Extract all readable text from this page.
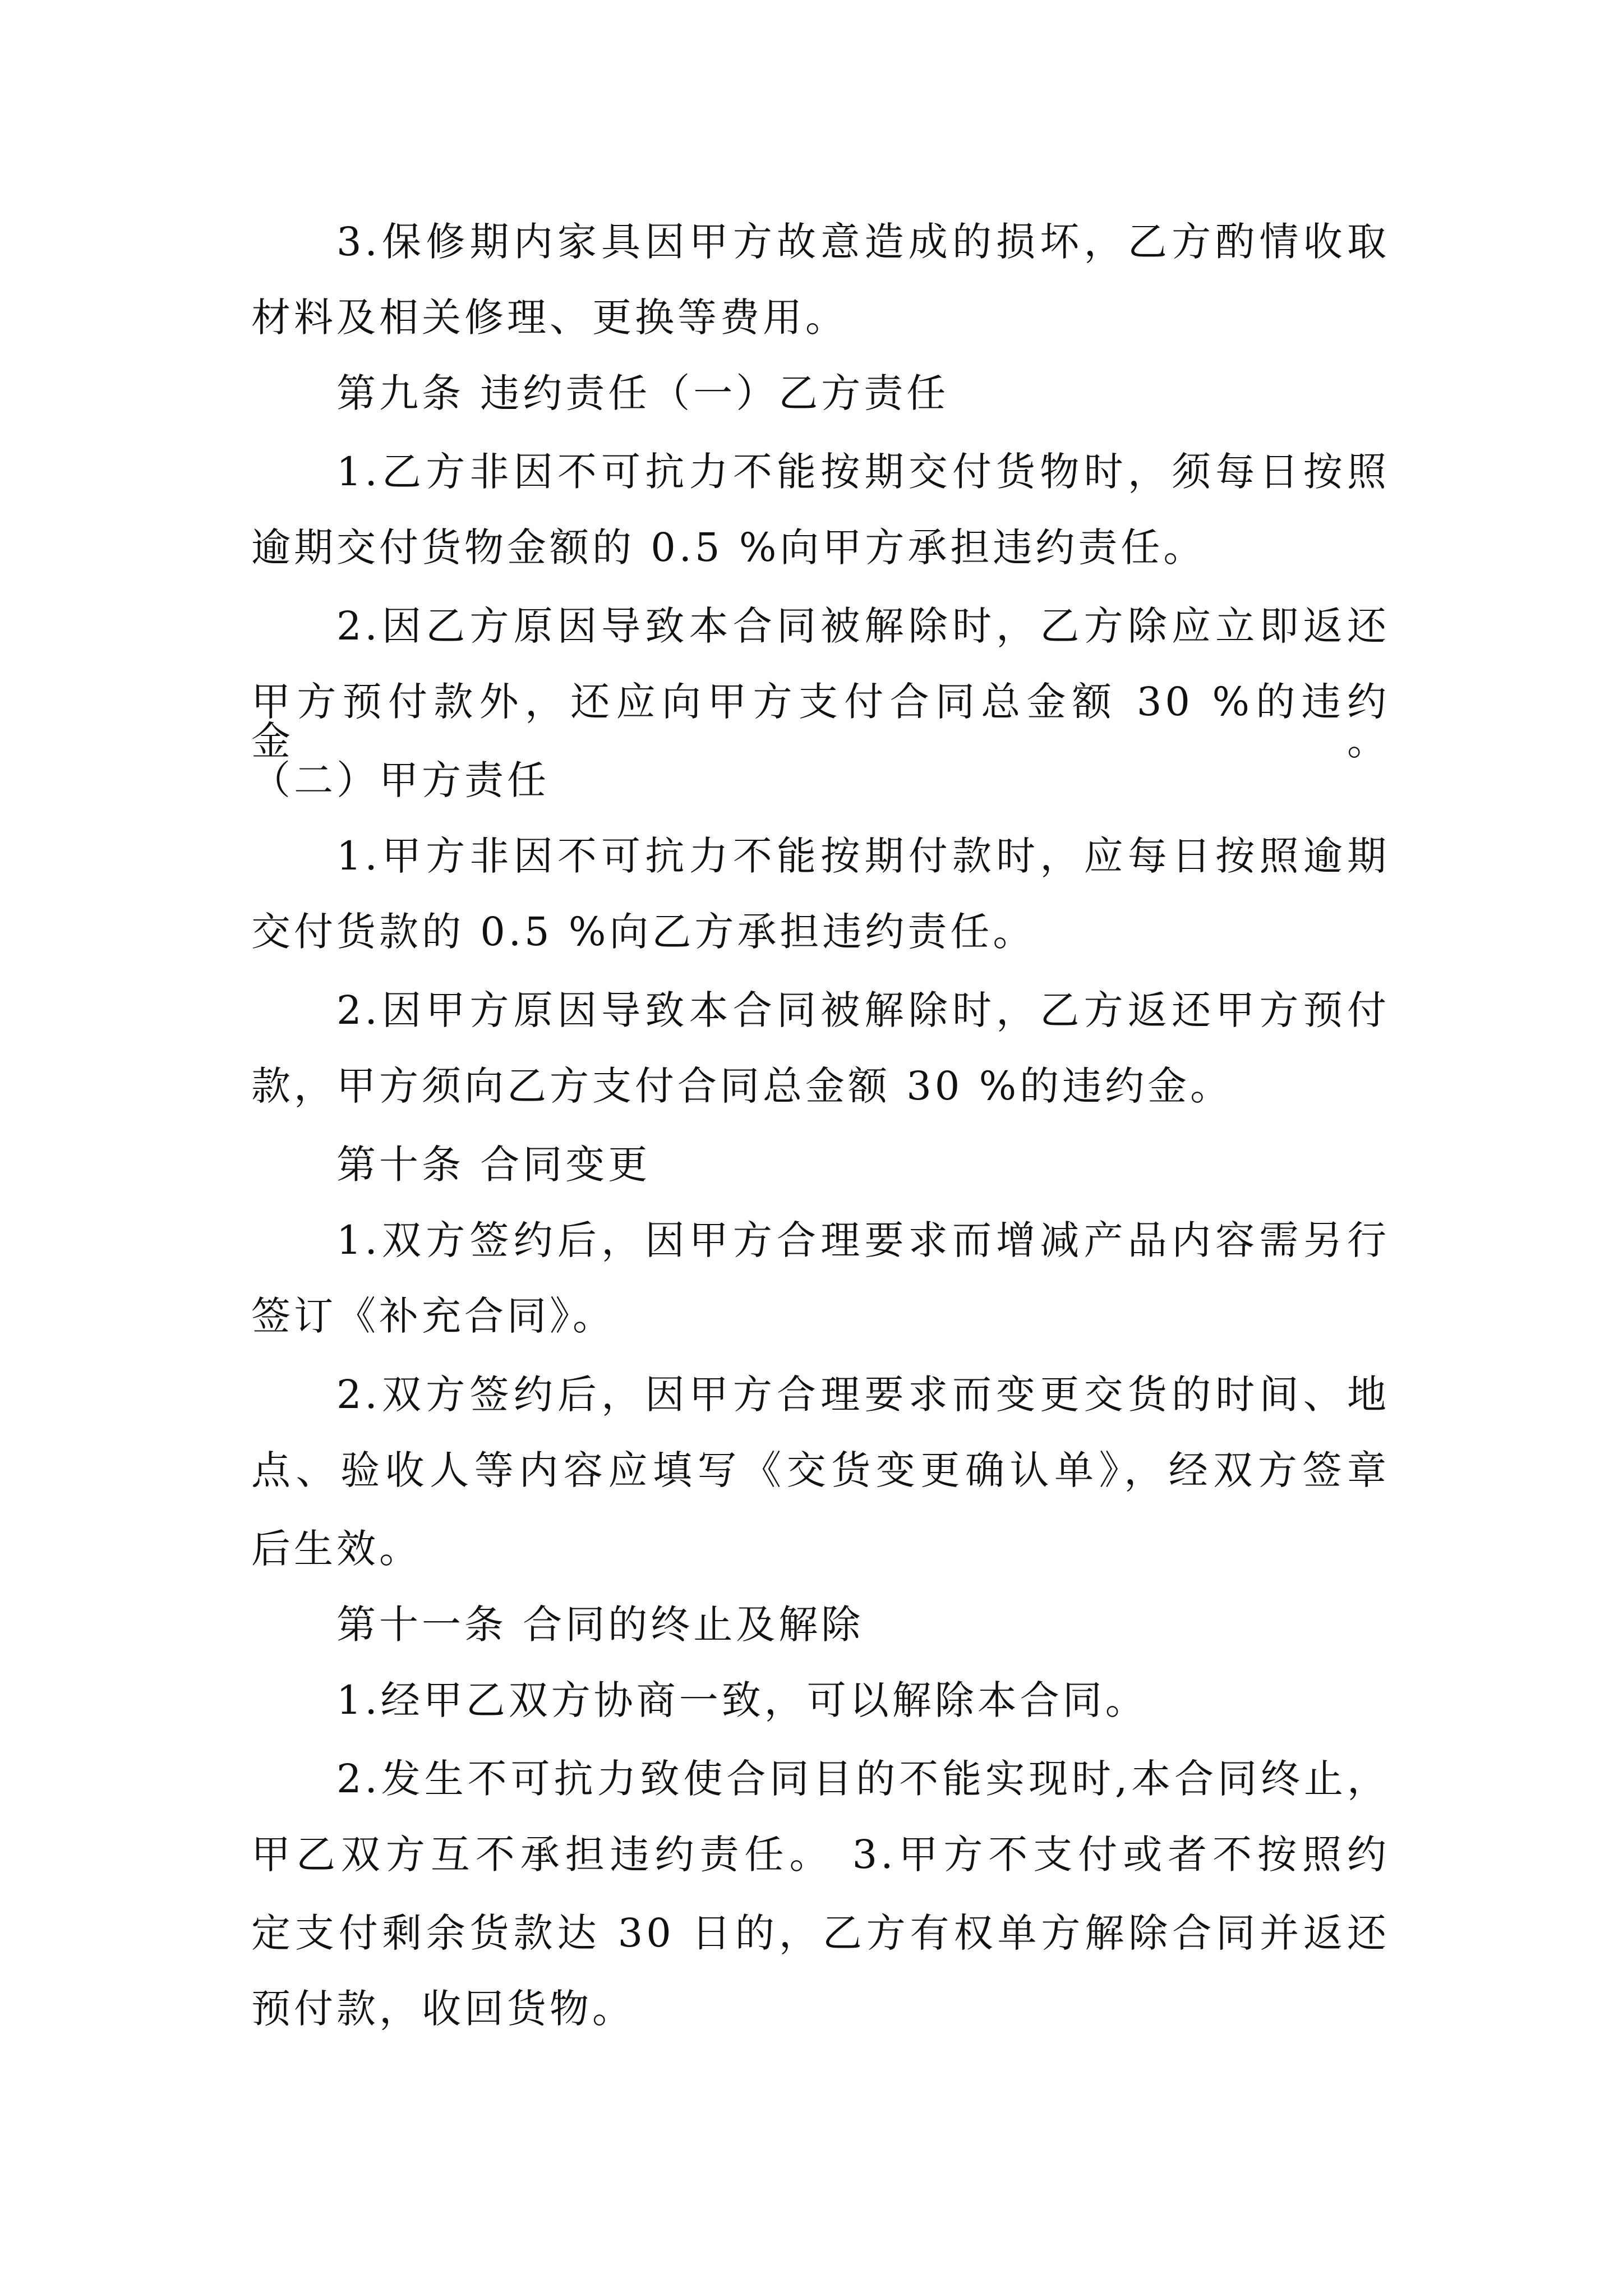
3.保修期内家具因甲方故意造成的损坏，乙方酌情收取
材料及相关修理、更换等费用。
第九条 违约责任（一）乙方责任
1.乙方非因不可抗力不能按期交付货物时，须每日按照
逾期交付货物金额的 0.5 %向甲方承担违约责任。
2.因乙方原因导致本合同被解除时，乙方除应立即返还
甲方预付款外，还应向甲方支付合同总金额 30 %的违约金。
（二）甲方责任
1.甲方非因不可抗力不能按期付款时，应每日按照逾期
交付货款的 0.5 %向乙方承担违约责任。
2.因甲方原因导致本合同被解除时，乙方返还甲方预付
款，甲方须向乙方支付合同总金额 30 %的违约金。
第十条 合同变更
1.双方签约后，因甲方合理要求而增减产品内容需另行
签订《补充合同》。
2.双方签约后，因甲方合理要求而变更交货的时间、地
点、验收人等内容应填写《交货变更确认单》，经双方签章
后生效。
第十一条 合同的终止及解除
1.经甲乙双方协商一致，可以解除本合同。
2.发生不可抗力致使合同目的不能实现时,本合同终止，
甲乙双方互不承担违约责任。 3.甲方不支付或者不按照约
定支付剩余货款达 30 日的，乙方有权单方解除合同并返还
预付款，收回货物。
